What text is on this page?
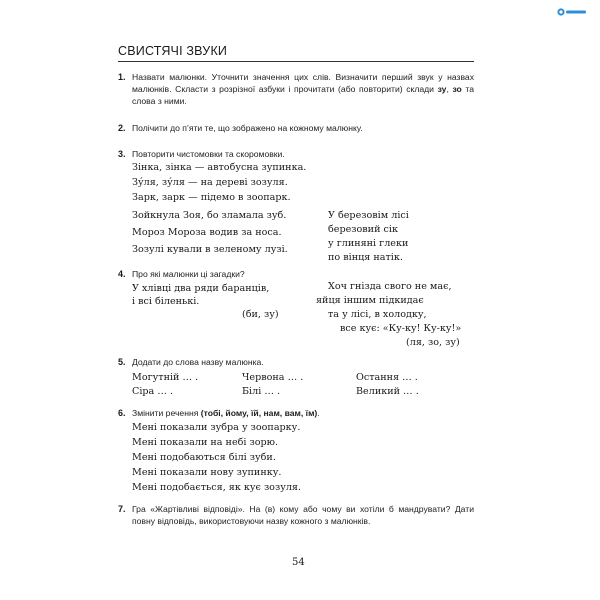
СВИСТЯЧІ ЗВУКИ
1. Назвати малюнки. Уточнити значення цих слів. Визначити перший звук у назвах малюнків. Скласти з розрізної азбуки і прочитати (або повторити) склади зу, зо та слова з ними.
2. Полічити до п’яти те, що зображено на кожному малюнку.
3. Повторити чистомовки та скоромовки.
Зінка, зінка — автобусна зупинка.
Зу́ля, зу́ля — на дереві зозуля.
Зарк, зарк — підемо в зоопарк.
Зойкнула Зоя, бо зламала зуб.
Мороз Мороза водив за носа.
Зозулі кували в зеленому лузі.
У березовім лісі
березовий сік
у глиняні глеки
по вінця натік.
4. Про які малюнки ці загадки?
У хлівці два ряди баранців,
і всі біленькі.
(би, зу)
Хоч гнізда свого не має,
яйця іншим підкидає
та у лісі, в холодку,
все кує: «Ку-ку! Ку-ку!»
(ля, зо, зу)
5. Додати до слова назву малюнка.
Могутній … .	Червона … .	Остання … .
Сіра … .	Білі … .	Великий … .
6. Змінити речення (тобі, йому, їй, нам, вам, їм).
Мені показали зубра у зоопарку.
Мені показали на небі зорю.
Мені подобаються білі зуби.
Мені показали нову зупинку.
Мені подобається, як кує зозуля.
7. Гра «Жартівливі відповіді». На (в) кому або чому ви хотіли б мандрувати? Дати повну відповідь, використовуючи назву кожного з малюнків.
54
